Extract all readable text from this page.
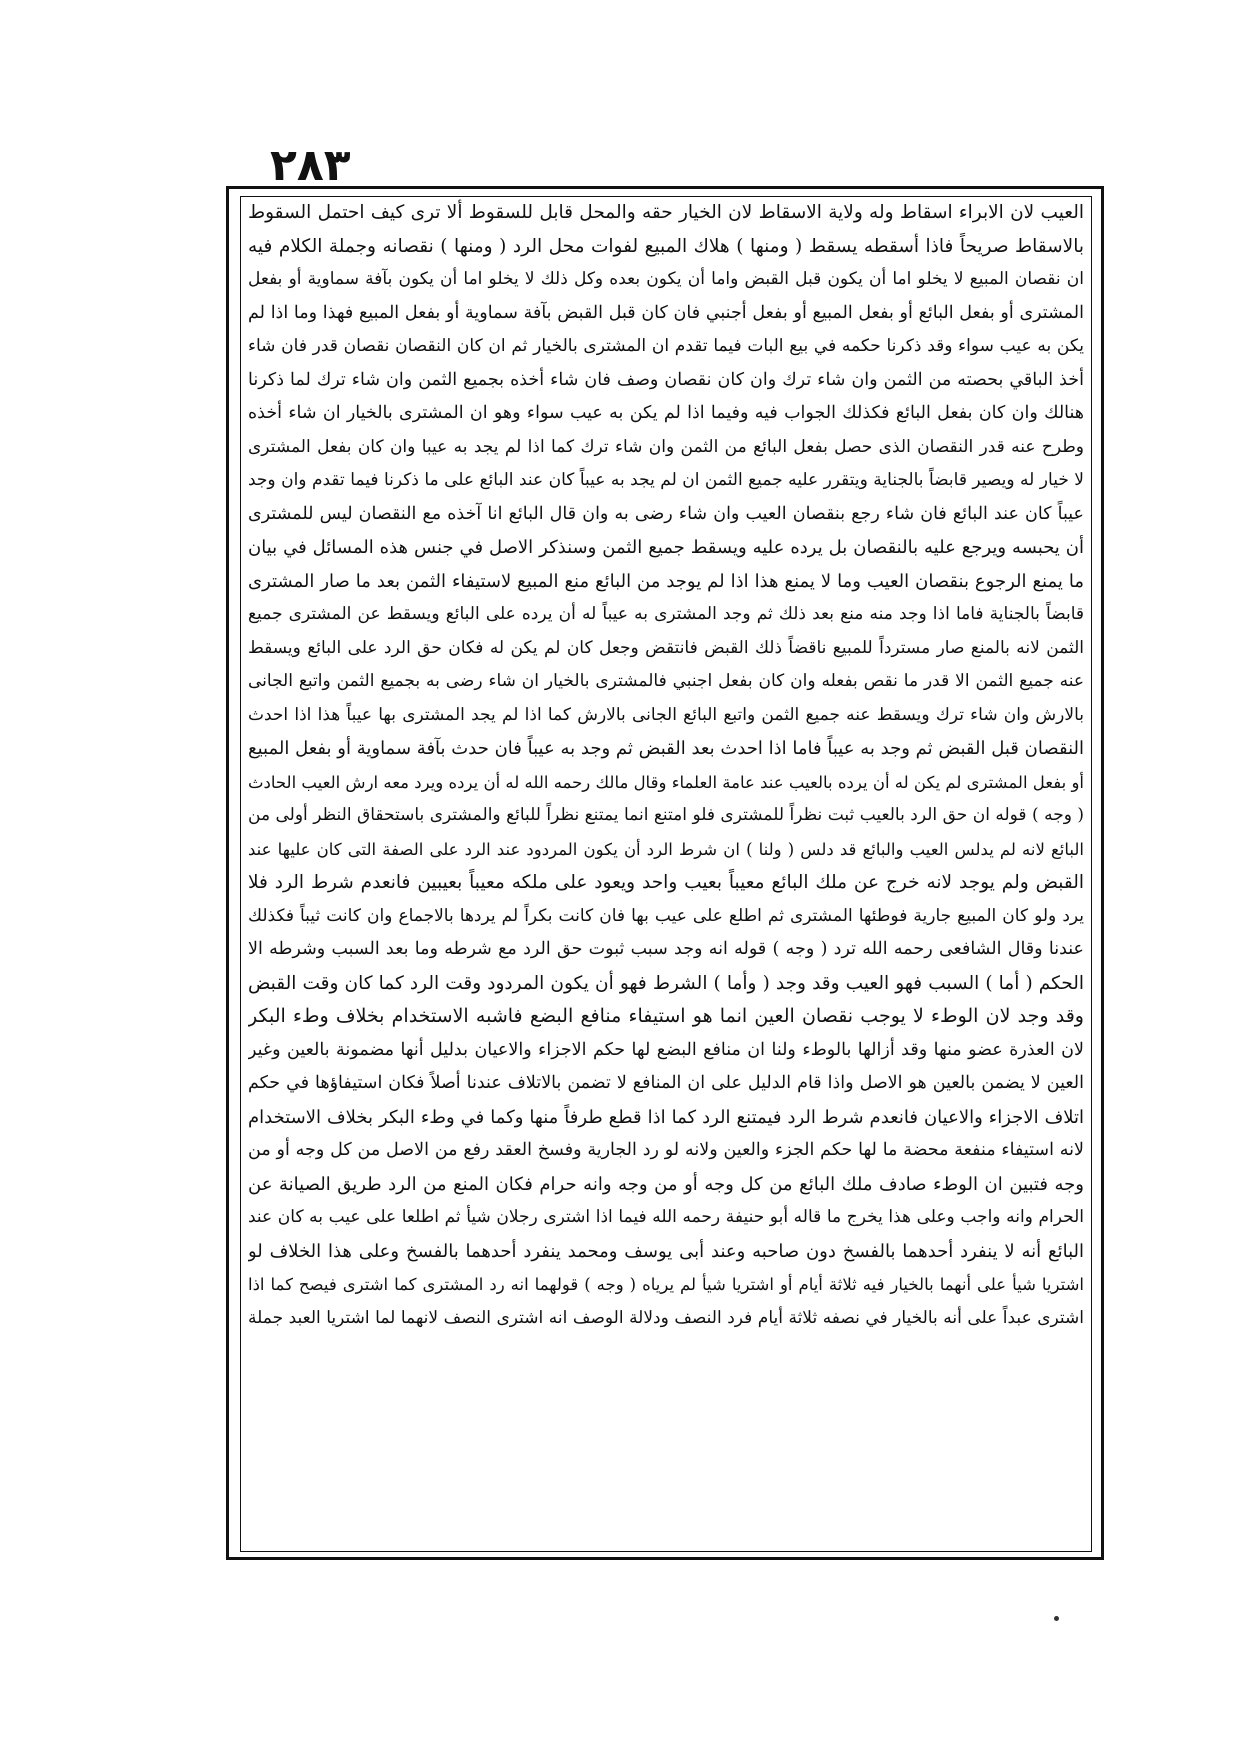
٢٨٣
العيب لان الابراء اسقاط وله ولاية الاسقاط لان الخيار حقه والمحل قابل للسقوط ألا ترى كيف احتمل السقوط
بالاسقاط صريحاً فاذا أسقطه يسقط ( ومنها ) هلاك المبيع لفوات محل الرد ( ومنها ) نقصانه وجملة الكلام فيه
ان نقصان المبيع لا يخلو اما أن يكون قبل القبض واما أن يكون بعده وكل ذلك لا يخلو اما أن يكون بآفة سماوية أو بفعل
المشترى أو بفعل البائع أو بفعل المبيع أو بفعل أجنبي فان كان قبل القبض بآفة سماوية أو بفعل المبيع فهذا وما اذا لم
يكن به عيب سواء وقد ذكرنا حكمه في بيع البات فيما تقدم ان المشترى بالخيار ثم ان كان النقصان نقصان قدر فان شاء
أخذ الباقي بحصته من الثمن وان شاء ترك وان كان نقصان وصف فان شاء أخذه بجميع الثمن وان شاء ترك لما ذكرنا
هنالك وان كان بفعل البائع فكذلك الجواب فيه وفيما اذا لم يكن به عيب سواء وهو ان المشترى بالخيار ان شاء أخذه
وطرح عنه قدر النقصان الذى حصل بفعل البائع من الثمن وان شاء ترك كما اذا لم يجد به عيبا وان كان بفعل المشترى
لا خيار له ويصير قابضاً بالجناية ويتقرر عليه جميع الثمن ان لم يجد به عيباً كان عند البائع على ما ذكرنا فيما تقدم وان وجد
عيباً كان عند البائع فان شاء رجع بنقصان العيب وان شاء رضى به وان قال البائع انا آخذه مع النقصان ليس للمشترى
أن يحبسه ويرجع عليه بالنقصان بل يرده عليه ويسقط جميع الثمن وسنذكر الاصل في جنس هذه المسائل في بيان
ما يمنع الرجوع بنقصان العيب وما لا يمنع هذا اذا لم يوجد من البائع منع المبيع لاستيفاء الثمن بعد ما صار المشترى
قابضاً بالجناية فاما اذا وجد منه منع بعد ذلك ثم وجد المشترى به عيباً له أن يرده على البائع ويسقط عن المشترى جميع
الثمن لانه بالمنع صار مسترداً للمبيع ناقضاً ذلك القبض فانتقض وجعل كان لم يكن له فكان حق الرد على البائع ويسقط
عنه جميع الثمن الا قدر ما نقص بفعله وان كان بفعل اجنبي فالمشترى بالخيار ان شاء رضى به بجميع الثمن واتبع الجانى
بالارش وان شاء ترك ويسقط عنه جميع الثمن واتبع البائع الجانى بالارش كما اذا لم يجد المشترى بها عيباً هذا اذا احدث
النقصان قبل القبض ثم وجد به عيباً فاما اذا احدث بعد القبض ثم وجد به عيباً فان حدث بآفة سماوية أو بفعل المبيع
أو بفعل المشترى لم يكن له أن يرده بالعيب عند عامة العلماء وقال مالك رحمه الله له أن يرده ويرد معه ارش العيب الحادث
( وجه ) قوله ان حق الرد بالعيب ثبت نظراً للمشترى فلو امتنع انما يمتنع نظراً للبائع والمشترى باستحقاق النظر أولى من
البائع لانه لم يدلس العيب والبائع قد دلس ( ولنا ) ان شرط الرد أن يكون المردود عند الرد على الصفة التى كان عليها عند
القبض ولم يوجد لانه خرج عن ملك البائع معيباً بعيب واحد ويعود على ملكه معيباً بعيبين فانعدم شرط الرد فلا
يرد ولو كان المبيع جارية فوطئها المشترى ثم اطلع على عيب بها فان كانت بكراً لم يردها بالاجماع وان كانت ثيباً فكذلك
عندنا وقال الشافعى رحمه الله ترد ( وجه ) قوله انه وجد سبب ثبوت حق الرد مع شرطه وما بعد السبب وشرطه الا
الحكم ( أما ) السبب فهو العيب وقد وجد ( وأما ) الشرط فهو أن يكون المردود وقت الرد كما كان وقت القبض
وقد وجد لان الوطء لا يوجب نقصان العين انما هو استيفاء منافع البضع فاشبه الاستخدام بخلاف وطء البكر
لان العذرة عضو منها وقد أزالها بالوطء ولنا ان منافع البضع لها حكم الاجزاء والاعيان بدليل أنها مضمونة بالعين وغير
العين لا يضمن بالعين هو الاصل واذا قام الدليل على ان المنافع لا تضمن بالاتلاف عندنا أصلاً فكان استيفاؤها في حكم
اتلاف الاجزاء والاعيان فانعدم شرط الرد فيمتنع الرد كما اذا قطع طرفاً منها وكما في وطء البكر بخلاف الاستخدام
لانه استيفاء منفعة محضة ما لها حكم الجزء والعين ولانه لو رد الجارية وفسخ العقد رفع من الاصل من كل وجه أو من
وجه فتبين ان الوطء صادف ملك البائع من كل وجه أو من وجه وانه حرام فكان المنع من الرد طريق الصيانة عن
الحرام وانه واجب وعلى هذا يخرج ما قاله أبو حنيفة رحمه الله فيما اذا اشترى رجلان شيأ ثم اطلعا على عيب به كان عند
البائع أنه لا ينفرد أحدهما بالفسخ دون صاحبه وعند أبى يوسف ومحمد ينفرد أحدهما بالفسخ وعلى هذا الخلاف لو
اشتريا شيأ على أنهما بالخيار فيه ثلاثة أيام أو اشتريا شيأ لم يرياه ( وجه ) قولهما انه رد المشترى كما اشترى فيصح كما اذا
اشترى عبداً على أنه بالخيار في نصفه ثلاثة أيام فرد النصف ودلالة الوصف انه اشترى النصف لانهما لما اشتريا العبد جملة
